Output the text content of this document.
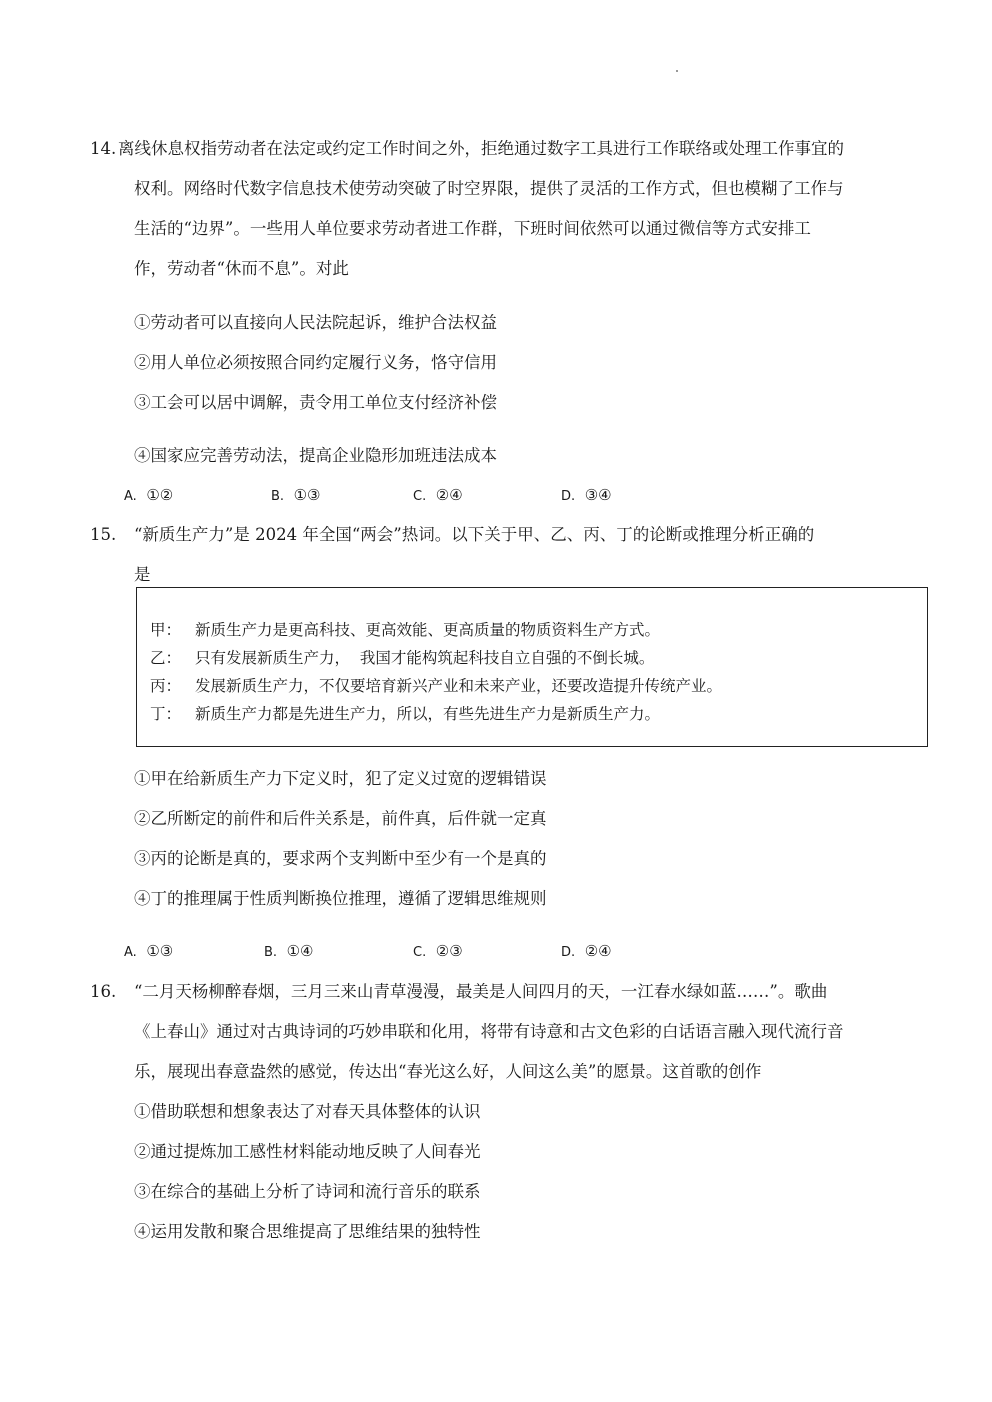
14. 离线休息权指劳动者在法定或约定工作时间之外，拒绝通过数字工具进行工作联络或处理工作事宜的
权利。网络时代数字信息技术使劳动突破了时空界限，提供了灵活的工作方式，但也模糊了工作与
生活的“边界”。一些用人单位要求劳动者进工作群，下班时间依然可以通过微信等方式安排工
作，劳动者“休而不息”。对此
①劳动者可以直接向人民法院起诉，维护合法权益
②用人单位必须按照合同约定履行义务，恪守信用
③工会可以居中调解，责令用工单位支付经济补偿
④国家应完善劳动法，提高企业隐形加班违法成本
A. ①②	B. ①③	C. ②④	D. ③④
15. “新质生产力”是 2024 年全国“两会”热词。以下关于甲、乙、丙、丁的论断或推理分析正确的
是
甲： 新质生产力是更高科技、更高效能、更高质量的物质资料生产方式。
乙： 只有发展新质生产力，  我国才能构筑起科技自立自强的不倒长城。
丙： 发展新质生产力，不仅要培育新兴产业和未来产业，还要改造提升传统产业。
丁： 新质生产力都是先进生产力，所以，有些先进生产力是新质生产力。
①甲在给新质生产力下定义时，犯了定义过宽的逻辑错误
②乙所断定的前件和后件关系是，前件真，后件就一定真
③丙的论断是真的，要求两个支判断中至少有一个是真的
④丁的推理属于性质判断换位推理，遵循了逻辑思维规则
A. ①③	B. ①④	C. ②③	D. ②④
16. “二月天杨柳醉春烟，三月三来山青草漫漫，最美是人间四月的天，一江春水绿如蓝……”。歌曲
《上春山》通过对古典诗词的巧妙串联和化用，将带有诗意和古文色彩的白话语言融入现代流行音
乐，展现出春意盎然的感觉，传达出“春光这么好，人间这么美”的愿景。这首歌的创作
①借助联想和想象表达了对春天具体整体的认识
②通过提炼加工感性材料能动地反映了人间春光
③在综合的基础上分析了诗词和流行音乐的联系
④运用发散和聚合思维提高了思维结果的独特性
